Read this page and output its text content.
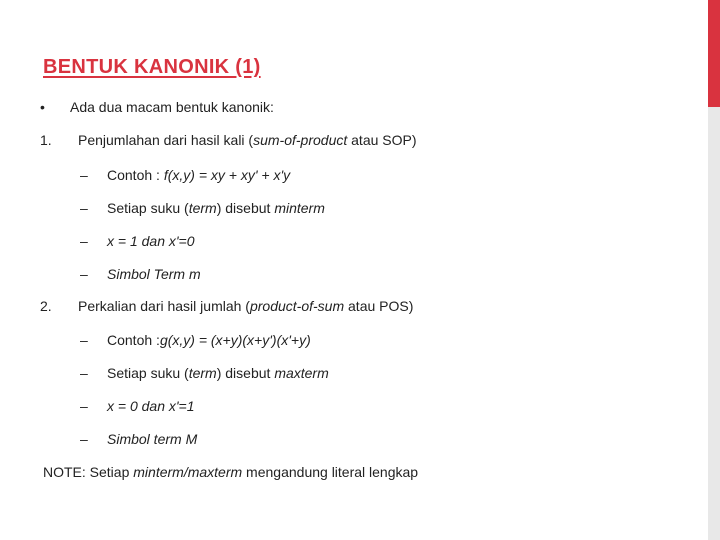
BENTUK KANONIK (1)
• Ada dua macam bentuk kanonik:
1. Penjumlahan dari hasil kali (sum-of-product atau SOP)
– Contoh : f(x,y) = xy + xy' + x'y
– Setiap suku (term) disebut minterm
– x = 1 dan x'=0
– Simbol Term m
2. Perkalian dari hasil jumlah (product-of-sum atau POS)
– Contoh :g(x,y) = (x+y)(x+y')(x'+y)
– Setiap suku (term) disebut maxterm
– x = 0 dan x'=1
– Simbol term M
NOTE: Setiap minterm/maxterm mengandung literal lengkap
